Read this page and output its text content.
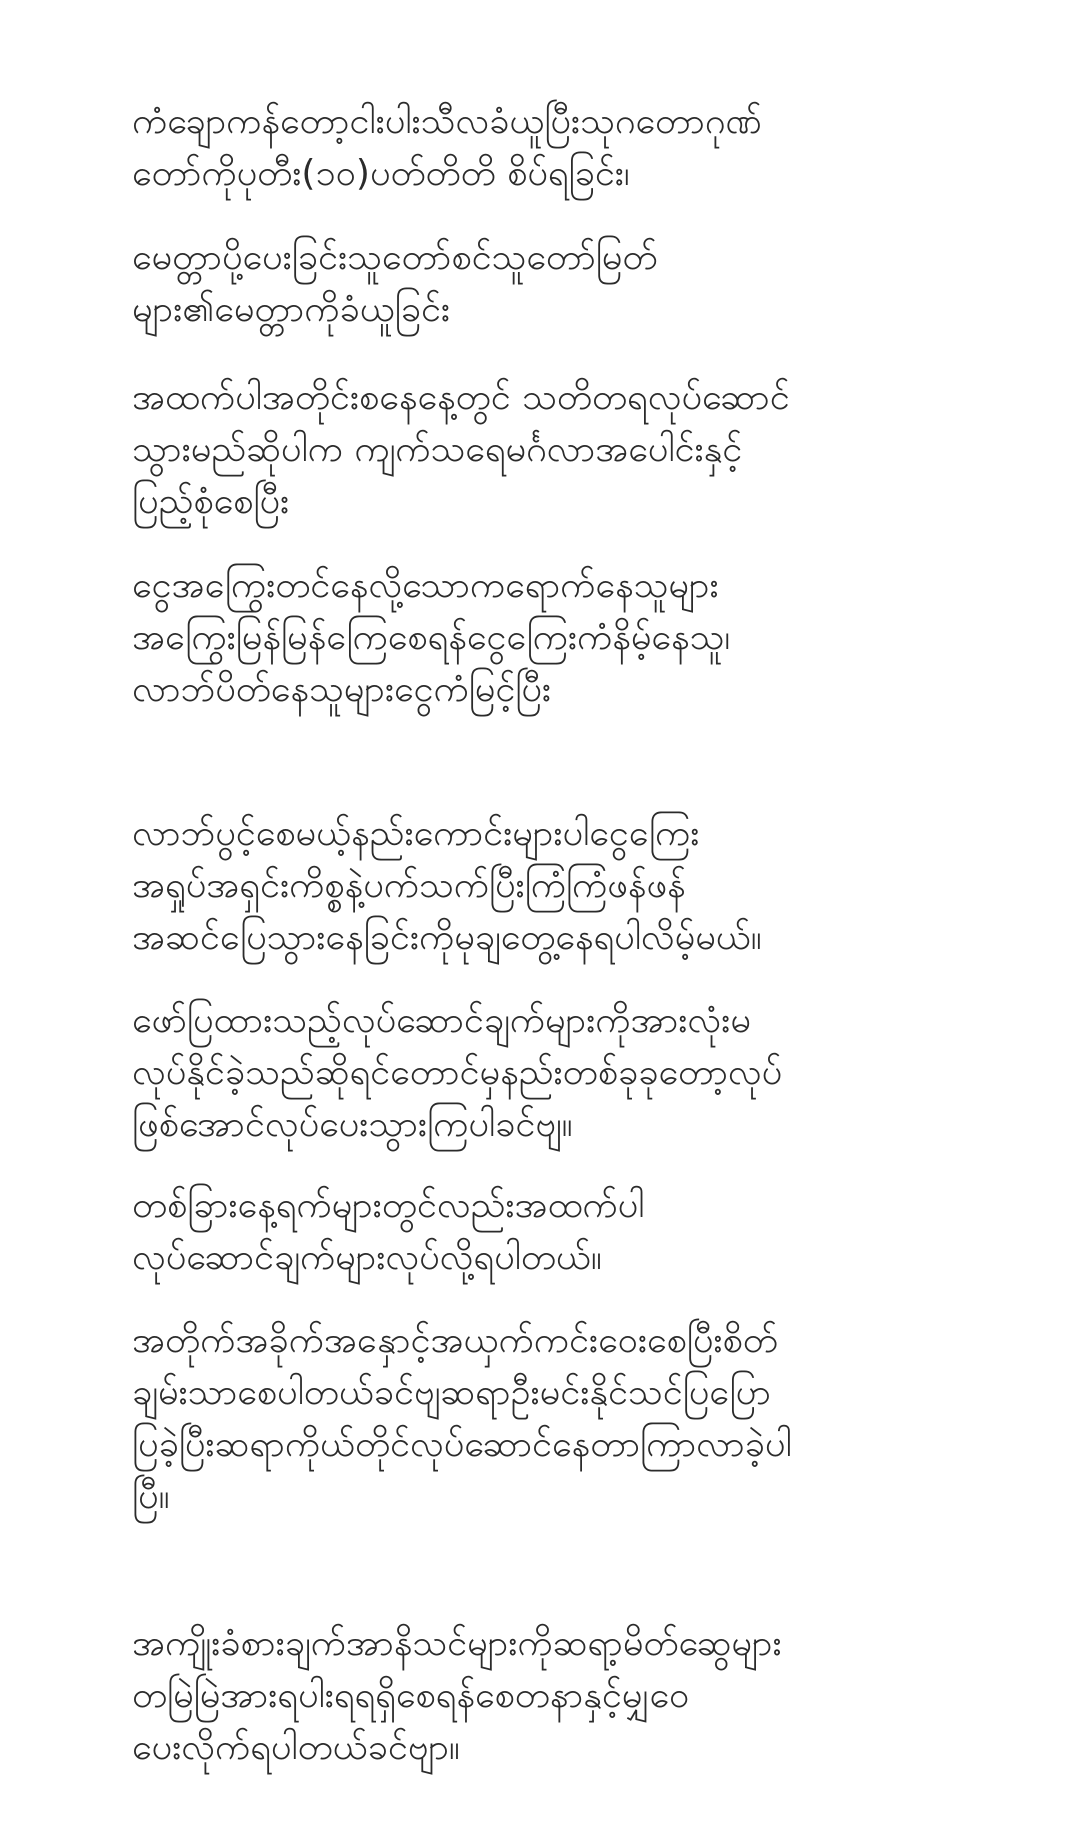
ကံချောကန်တော့ငါးပါးသီလခံယူပြီးသုဂတောဂုဏ်
တော်ကိုပုတီး(၁၀)ပတ်တိတိ စိပ်ရခြင်း၊

မေတ္တာပို့ပေးခြင်းသူတော်စင်သူတော်မြတ်
များ၏မေတ္တာကိုခံယူခြင်း

အထက်ပါအတိုင်းစနေနေ့တွင် သတိတရလုပ်ဆောင်
သွားမည်ဆိုပါက ကျက်သရေမင်္ဂလာအပေါင်းနှင့်
ပြည့်စုံစေပြီး

ငွေအကြွေးတင်နေလို့သောကရောက်နေသူများ
အကြွေးမြန်မြန်ကြေစေရန်ငွေကြေးကံနိမ့်နေသူ၊
လာဘ်ပိတ်နေသူများငွေကံမြင့်ပြီး

လာဘ်ပွင့်စေမယ့်နည်းကောင်းများပါငွေကြေး
အရှုပ်အရှင်းကိစ္စနဲ့ပက်သက်ပြီးကြံကြံဖန်ဖန်
အဆင်ပြေသွားနေခြင်းကိုမုချတွေ့နေရပါလိမ့်မယ်။

ဖော်ပြထားသည့်လုပ်ဆောင်ချက်များကိုအားလုံးမ
လုပ်နိုင်ခဲ့သည်ဆိုရင်တောင်မှနည်းတစ်ခုခုတော့လုပ်
ဖြစ်အောင်လုပ်ပေးသွားကြပါခင်ဗျ။

တစ်ခြားနေ့ရက်များတွင်လည်းအထက်ပါ
လုပ်ဆောင်ချက်များလုပ်လို့ရပါတယ်။

အတိုက်အခိုက်အနှောင့်အယှက်ကင်းဝေးစေပြီးစိတ်
ချမ်းသာစေပါတယ်ခင်ဗျဆရာဦးမင်းနိုင်သင်ပြပြော
ပြခဲ့ပြီးဆရာကိုယ်တိုင်လုပ်ဆောင်နေတာကြာလာခဲ့ပါ
ပြီ။

အကျိုးခံစားချက်အာနိသင်များကိုဆရာ့မိတ်ဆွေများ
တမြဲမြဲအားရပါးရရရှိစေရန်စေတနာနှင့်မျှဝေ
ပေးလိုက်ရပါတယ်ခင်ဗျာ။
